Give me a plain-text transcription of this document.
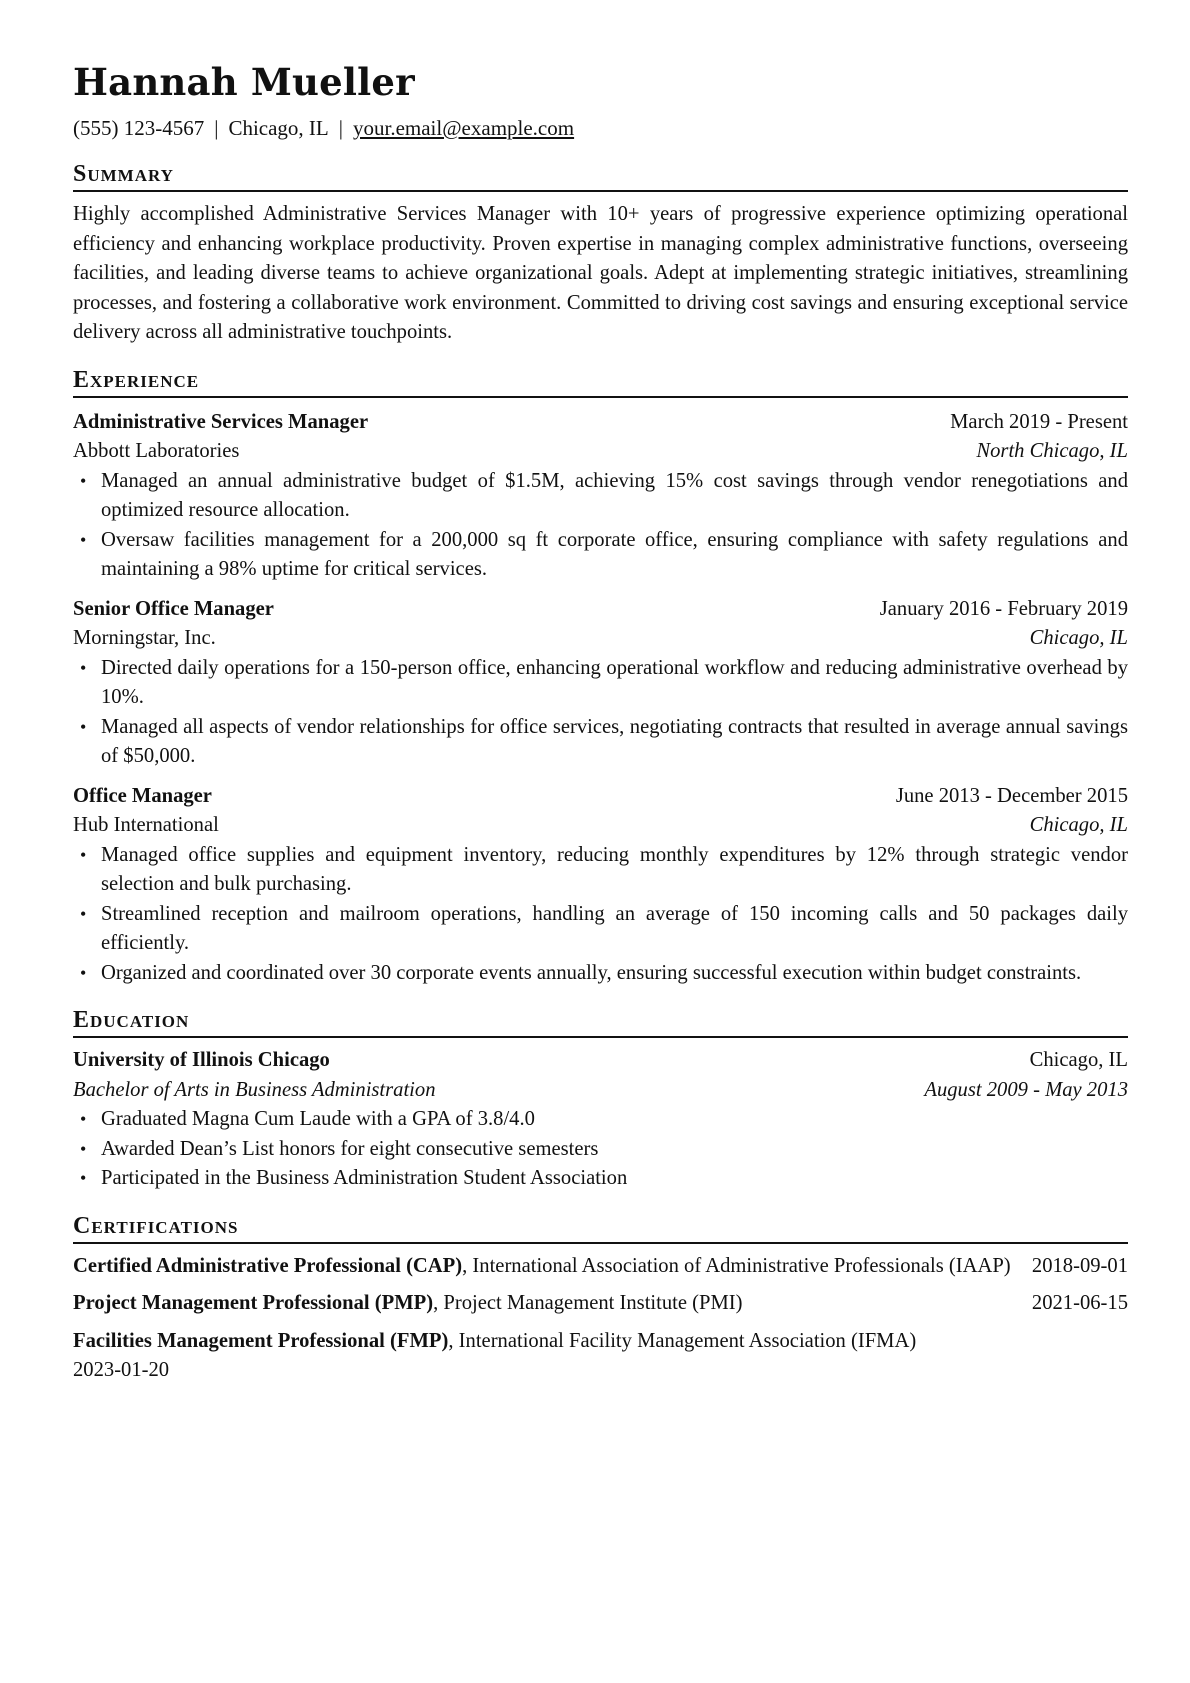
Hannah Mueller
(555) 123-4567 | Chicago, IL | your.email@example.com
Summary
Highly accomplished Administrative Services Manager with 10+ years of progressive experience optimizing operational efficiency and enhancing workplace productivity. Proven expertise in managing complex administrative functions, overseeing facilities, and leading diverse teams to achieve organizational goals. Adept at implementing strategic initiatives, streamlining processes, and fostering a collaborative work environment. Committed to driving cost savings and ensuring exceptional service delivery across all administrative touchpoints.
Experience
Administrative Services Manager	March 2019 - Present
Abbott Laboratories	North Chicago, IL
• Managed an annual administrative budget of $1.5M, achieving 15% cost savings through vendor renegotiations and optimized resource allocation.
• Oversaw facilities management for a 200,000 sq ft corporate office, ensuring compliance with safety regulations and maintaining a 98% uptime for critical services.
Senior Office Manager	January 2016 - February 2019
Morningstar, Inc.	Chicago, IL
• Directed daily operations for a 150-person office, enhancing operational workflow and reducing administrative overhead by 10%.
• Managed all aspects of vendor relationships for office services, negotiating contracts that resulted in average annual savings of $50,000.
Office Manager	June 2013 - December 2015
Hub International	Chicago, IL
• Managed office supplies and equipment inventory, reducing monthly expenditures by 12% through strategic vendor selection and bulk purchasing.
• Streamlined reception and mailroom operations, handling an average of 150 incoming calls and 50 packages daily efficiently.
• Organized and coordinated over 30 corporate events annually, ensuring successful execution within budget constraints.
Education
University of Illinois Chicago	Chicago, IL
Bachelor of Arts in Business Administration	August 2009 - May 2013
• Graduated Magna Cum Laude with a GPA of 3.8/4.0
• Awarded Dean’s List honors for eight consecutive semesters
• Participated in the Business Administration Student Association
Certifications
Certified Administrative Professional (CAP), International Association of Administrative Professionals (IAAP) 2018-09-01
Project Management Professional (PMP), Project Management Institute (PMI)	2021-06-15
Facilities Management Professional (FMP), International Facility Management Association (IFMA)
2023-01-20
